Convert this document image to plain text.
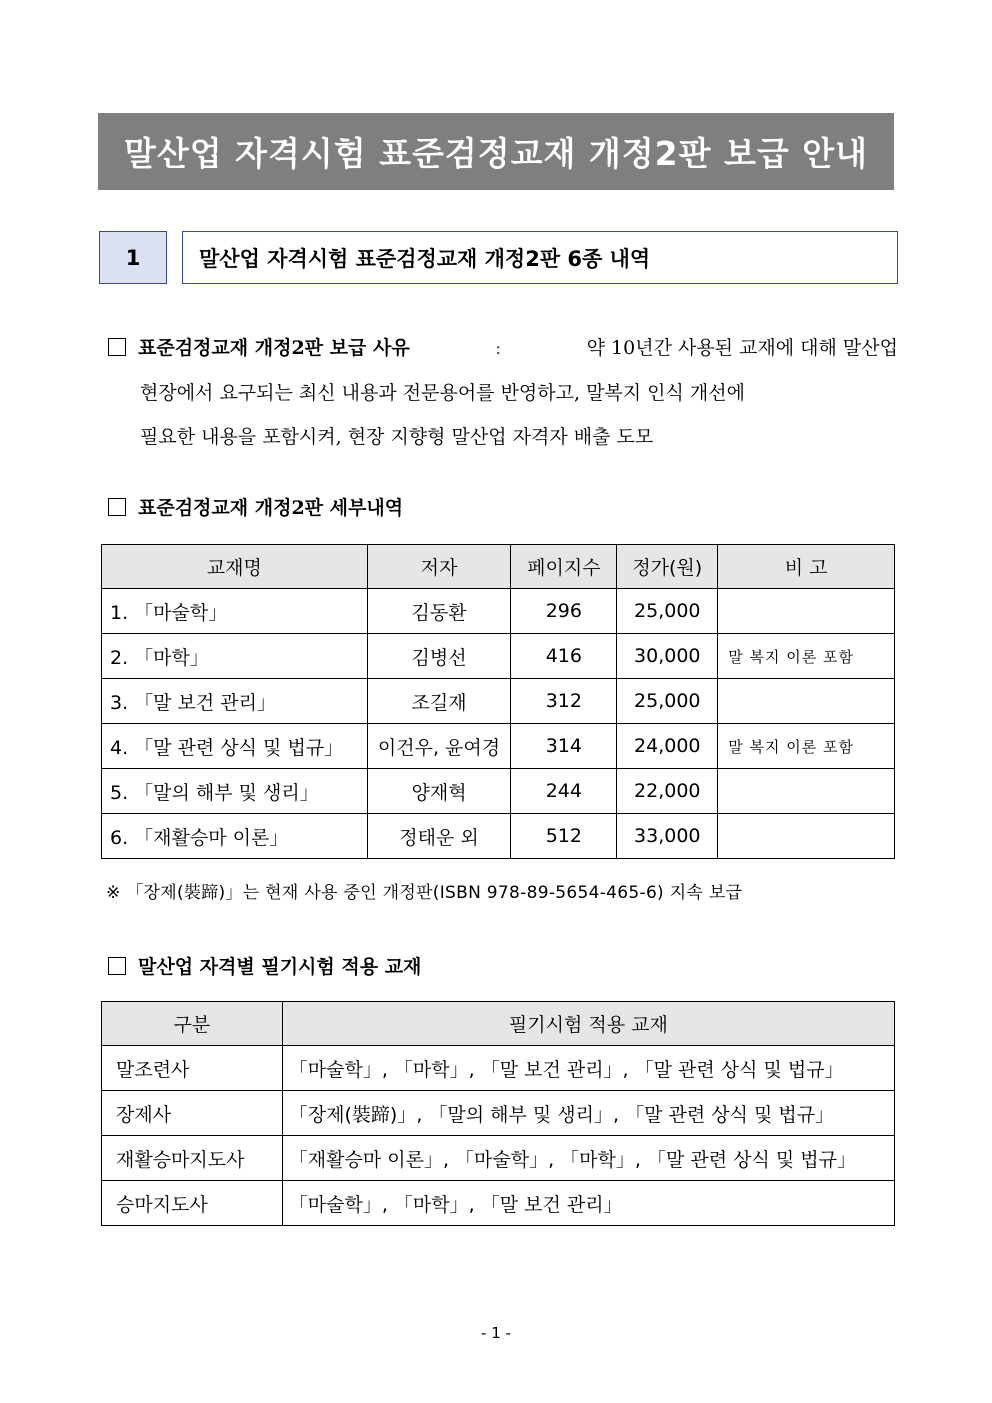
말산업 자격시험 표준검정교재 개정2판 보급 안내
1	말산업 자격시험 표준검정교재 개정2판 6종 내역
표준검정교재 개정2판 보급 사유	:	약 10년간 사용된 교재에 대해 말산업
현장에서 요구되는 최신 내용과 전문용어를 반영하고, 말복지 인식 개선에
필요한 내용을 포함시켜, 현장 지향형 말산업 자격자 배출 도모
표준검정교재 개정2판 세부내역
교재명	저자	페이지수	정가(원)	비 고
1. 「마술학」	김동환	296	25,000	
2. 「마학」	김병선	416	30,000	말 복지 이론 포함
3. 「말 보건 관리」	조길재	312	25,000	
4. 「말 관련 상식 및 법규」	이건우, 윤여경	314	24,000	말 복지 이론 포함
5. 「말의 해부 및 생리」	양재혁	244	22,000	
6. 「재활승마 이론」	정태운 외	512	33,000	
※ 「장제(裝蹄)」는 현재 사용 중인 개정판(ISBN 978-89-5654-465-6) 지속 보급
말산업 자격별 필기시험 적용 교재
구분	필기시험 적용 교재
말조련사	「마술학」, 「마학」, 「말 보건 관리」, 「말 관련 상식 및 법규」
장제사	「장제(裝蹄)」, 「말의 해부 및 생리」, 「말 관련 상식 및 법규」
재활승마지도사	「재활승마 이론」, 「마술학」, 「마학」, 「말 관련 상식 및 법규」
승마지도사	「마술학」, 「마학」, 「말 보건 관리」
- 1 -
